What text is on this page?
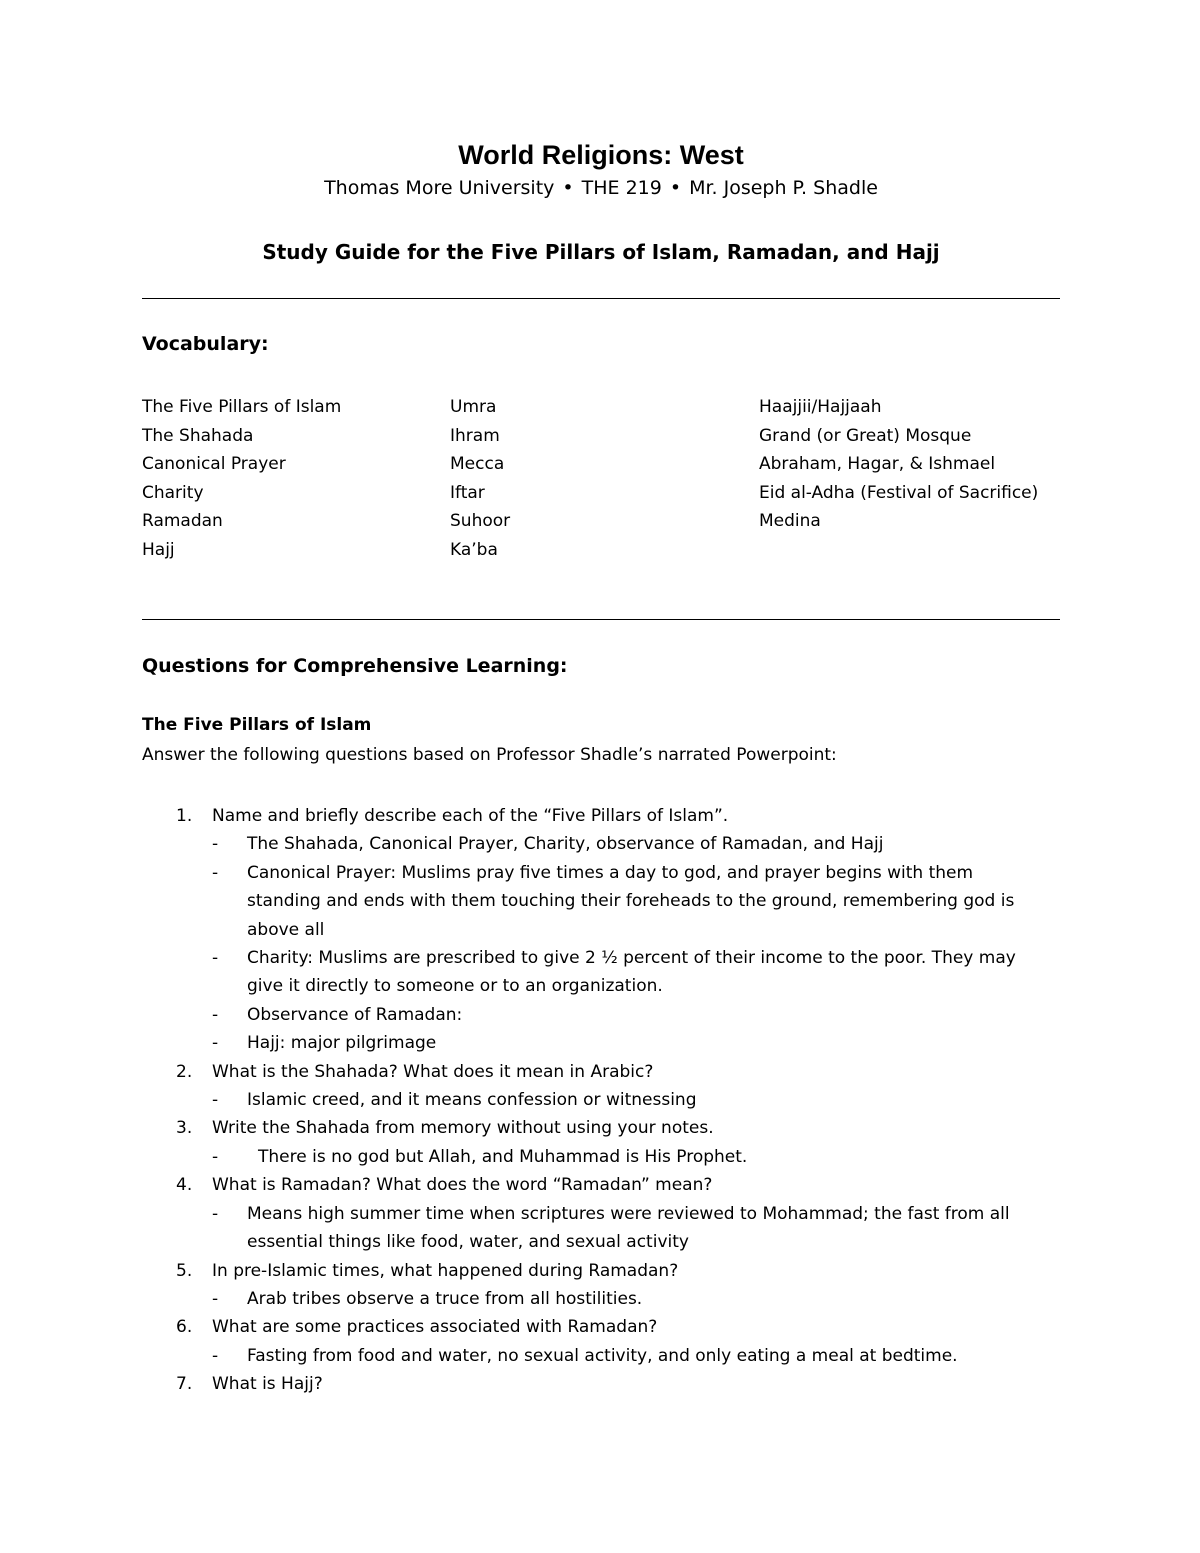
World Religions: West
Thomas More University • THE 219 • Mr. Joseph P. Shadle
Study Guide for the Five Pillars of Islam, Ramadan, and Hajj
Vocabulary:
The Five Pillars of Islam
The Shahada
Canonical Prayer
Charity
Ramadan
Hajj
Umra
Ihram
Mecca
Iftar
Suhoor
Ka’ba
Haajjii/Hajjaah
Grand (or Great) Mosque
Abraham, Hagar, & Ishmael
Eid al-Adha (Festival of Sacrifice)
Medina
Questions for Comprehensive Learning:
The Five Pillars of Islam
Answer the following questions based on Professor Shadle’s narrated Powerpoint:
1. Name and briefly describe each of the “Five Pillars of Islam”.
- The Shahada, Canonical Prayer, Charity, observance of Ramadan, and Hajj
- Canonical Prayer: Muslims pray five times a day to god, and prayer begins with them standing and ends with them touching their foreheads to the ground, remembering god is above all
- Charity: Muslims are prescribed to give 2 ½ percent of their income to the poor. They may give it directly to someone or to an organization.
- Observance of Ramadan:
- Hajj: major pilgrimage
2. What is the Shahada? What does it mean in Arabic?
- Islamic creed, and it means confession or witnessing
3. Write the Shahada from memory without using your notes.
- There is no god but Allah, and Muhammad is His Prophet.
4. What is Ramadan? What does the word “Ramadan” mean?
- Means high summer time when scriptures were reviewed to Mohammad; the fast from all essential things like food, water, and sexual activity
5. In pre-Islamic times, what happened during Ramadan?
- Arab tribes observe a truce from all hostilities.
6. What are some practices associated with Ramadan?
- Fasting from food and water, no sexual activity, and only eating a meal at bedtime.
7. What is Hajj?
